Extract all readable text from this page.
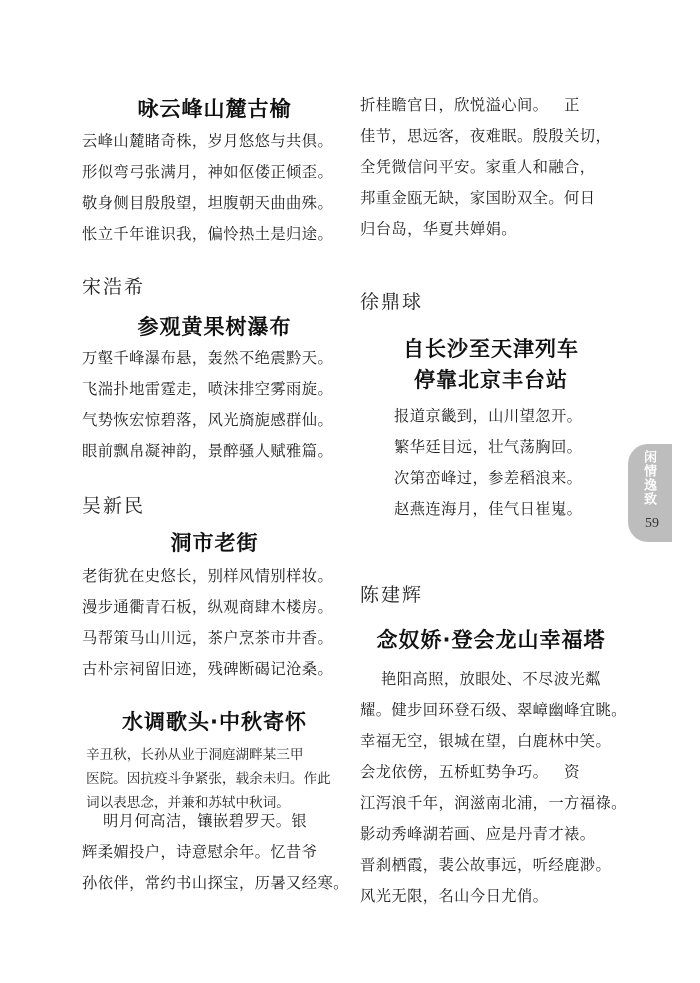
咏云峰山麓古榆
云峰山麓睹奇株，岁月悠悠与共俱。
形似弯弓张满月，神如伛偻正倾歪。
敬身侧目殷殷望，坦腹朝天曲曲殊。
怅立千年谁识我，偏怜热土是归途。
宋浩希
参观黄果树瀑布
万壑千峰瀑布悬，轰然不绝震黔天。
飞湍扑地雷霆走，喷沫排空雾雨旋。
气势恢宏惊碧落，风光旖旎感群仙。
眼前飘帛凝神韵，景醉骚人赋雅篇。
吴新民
洞市老街
老街犹在史悠长，别样风情别样妆。
漫步通衢青石板，纵观商肆木楼房。
马帮策马山川远，茶户烹茶市井香。
古朴宗祠留旧迹，残碑断碣记沧桑。
水调歌头·中秋寄怀
辛丑秋，长孙从业于洞庭湖畔某三甲
医院。因抗疫斗争紧张，载余未归。作此
词以表思念，并兼和苏轼中秋词。
明月何高洁，镶嵌碧罗天。银
辉柔媚投户，诗意慰余年。忆昔爷
孙依伴，常约书山探宝，历暑又经寒。
折桂瞻官日，欣悦溢心间。   正
佳节，思远客，夜难眠。殷殷关切，
全凭微信问平安。家重人和融合，
邦重金瓯无缺，家国盼双全。何日
归台岛，华夏共婵娟。
徐鼎球
自长沙至天津列车
停靠北京丰台站
报道京畿到，山川望忽开。
繁华廷目远，壮气荡胸回。
次第峦峰过，参差稻浪来。
赵燕连海月，佳气日崔嵬。
陈建辉
念奴娇·登会龙山幸福塔
艳阳高照，放眼处、不尽波光粼
耀。健步回环登石级、翠嶂幽峰宜眺。
幸福无空，银城在望，白鹿林中笑。
会龙依傍，五桥虹势争巧。   资
江泻浪千年，润滋南北浦，一方福祿。
影动秀峰湖若画、应是丹青才裱。
晋刹栖霞，裴公故事远，听经鹿渺。
风光无限，名山今日尤俏。
闲情逸致
59
